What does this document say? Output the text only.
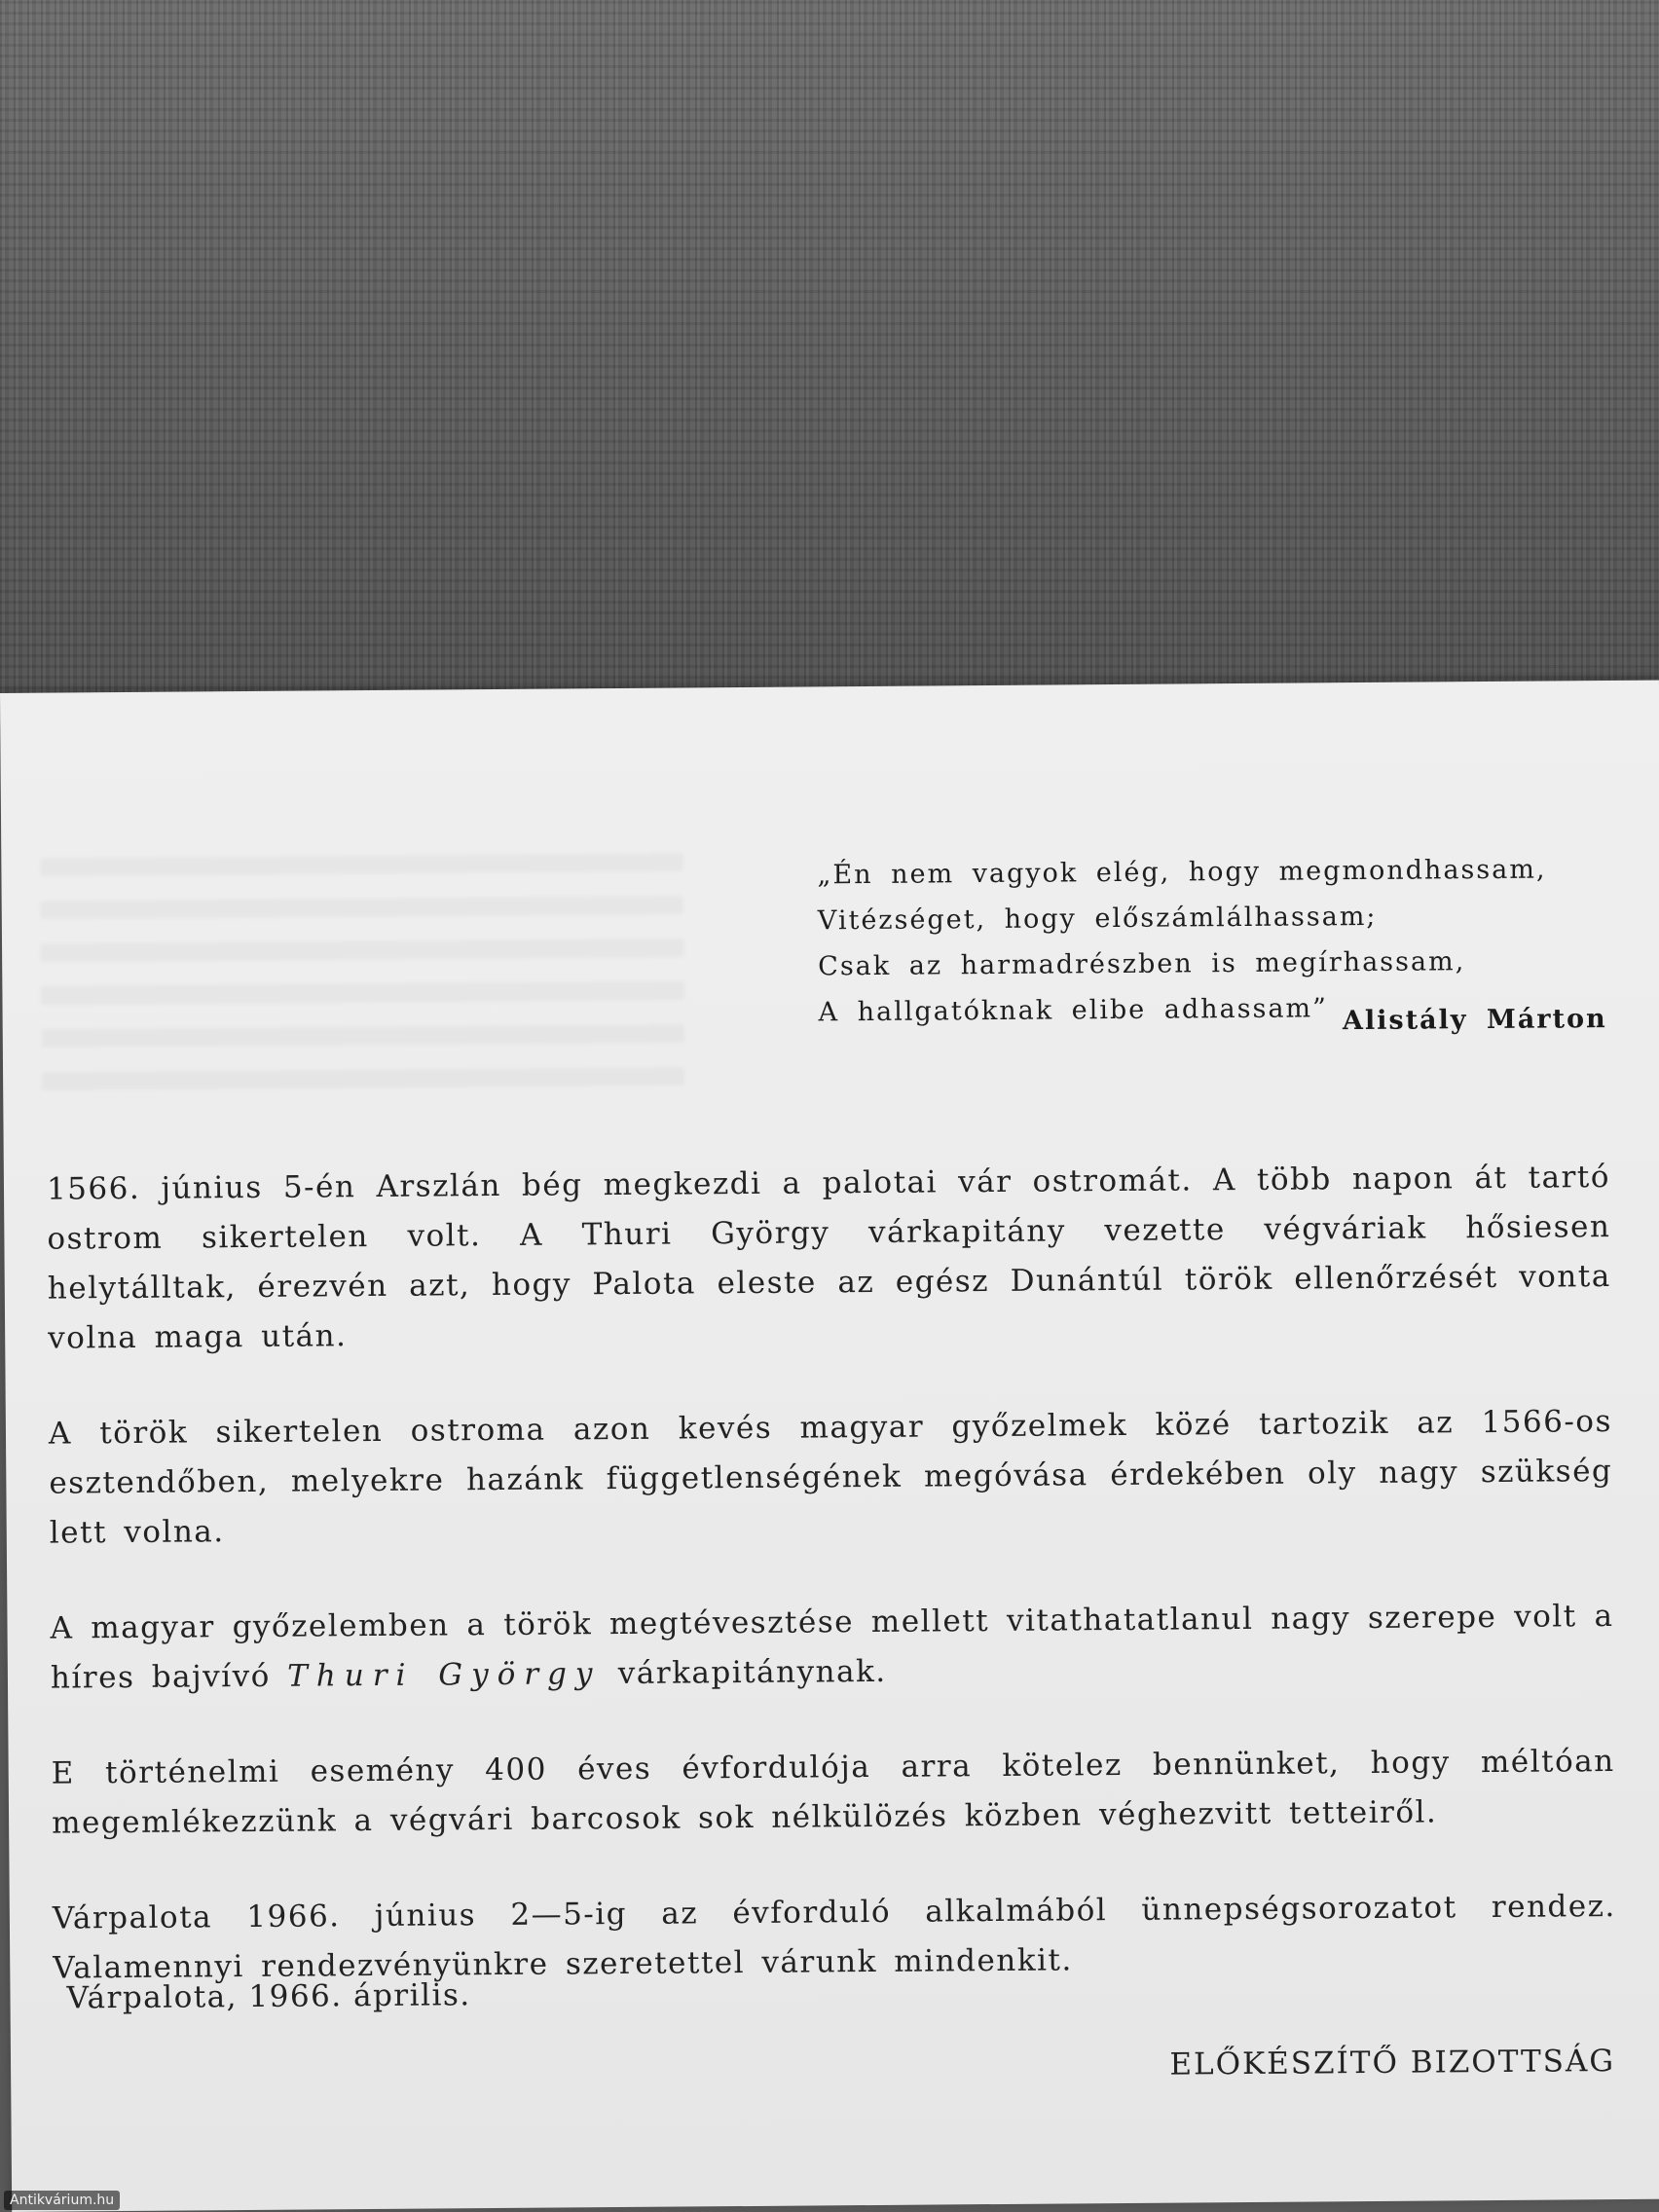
„Én nem vagyok elég, hogy megmondhassam,
Vitézséget, hogy előszámlálhassam;
Csak az harmadrészben is megírhassam,
A hallgatóknak elibe adhassam” Alistály Márton

1566. június 5-én Arszlán bég megkezdi a palotai vár ostromát. A több napon át tartó ostrom sikertelen volt. A Thuri György várkapitány vezette végváriak hősiesen helytálltak, érezvén azt, hogy Palota eleste az egész Dunántúl török ellenőrzését vonta volna maga után.

A török sikertelen ostroma azon kevés magyar győzelmek közé tartozik az 1566-os esztendőben, melyekre hazánk függetlenségének megóvása érdekében oly nagy szükség lett volna.

A magyar győzelemben a török megtévesztése mellett vitathatatlanul nagy szerepe volt a híres bajvívó Thuri György várkapitánynak.

E történelmi esemény 400 éves évfordulója arra kötelez bennünket, hogy méltóan megemlékezzünk a végvári barcosok sok nélkülözés közben véghezvitt tetteiről.

Várpalota 1966. június 2—5-ig az évforduló alkalmából ünnepségsorozatot rendez. Valamennyi rendezvényünkre szeretettel várunk mindenkit.

Várpalota, 1966. április.
ELŐKÉSZÍTŐ BIZOTTSÁG
Antikvárium.hu
